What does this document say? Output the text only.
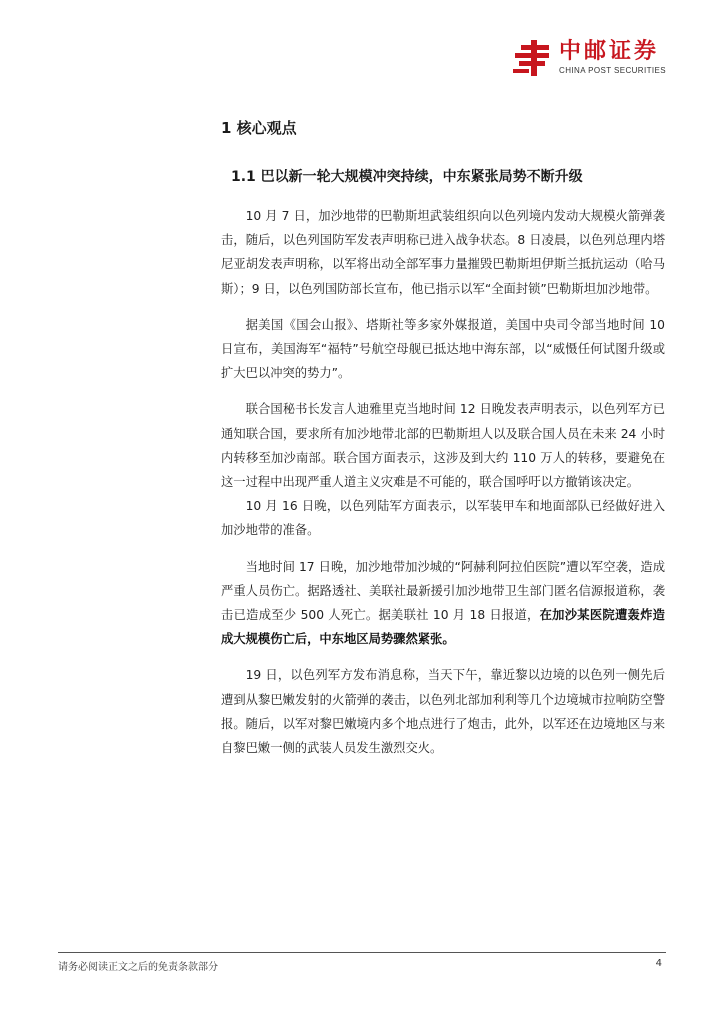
中邮证券
CHINA POST SECURITIES
1 核心观点
1.1 巴以新一轮大规模冲突持续，中东紧张局势不断升级

10 月 7 日，加沙地带的巴勒斯坦武装组织向以色列境内发动大规模火箭弹袭击，随后，以色列国防军发表声明称已进入战争状态。8 日凌晨，以色列总理内塔尼亚胡发表声明称，以军将出动全部军事力量摧毁巴勒斯坦伊斯兰抵抗运动（哈马斯）；9 日，以色列国防部长宣布，他已指示以军“全面封锁”巴勒斯坦加沙地带。

据美国《国会山报》、塔斯社等多家外媒报道，美国中央司令部当地时间 10 日宣布，美国海军“福特”号航空母舰已抵达地中海东部，以“威慑任何试图升级或扩大巴以冲突的势力”。

联合国秘书长发言人迪雅里克当地时间 12 日晚发表声明表示，以色列军方已通知联合国，要求所有加沙地带北部的巴勒斯坦人以及联合国人员在未来 24 小时内转移至加沙南部。联合国方面表示，这涉及到大约 110 万人的转移，要避免在这一过程中出现严重人道主义灾难是不可能的，联合国呼吁以方撤销该决定。

10 月 16 日晚，以色列陆军方面表示，以军装甲车和地面部队已经做好进入加沙地带的准备。

当地时间 17 日晚，加沙地带加沙城的“阿赫利阿拉伯医院”遭以军空袭，造成严重人员伤亡。据路透社、美联社最新援引加沙地带卫生部门匿名信源报道称，袭击已造成至少 500 人死亡。据美联社 10 月 18 日报道，在加沙某医院遭轰炸造成大规模伤亡后，中东地区局势骤然紧张。

19 日，以色列军方发布消息称，当天下午，靠近黎以边境的以色列一侧先后遭到从黎巴嫩发射的火箭弹的袭击，以色列北部加利利等几个边境城市拉响防空警报。随后，以军对黎巴嫩境内多个地点进行了炮击，此外，以军还在边境地区与来自黎巴嫩一侧的武装人员发生激烈交火。

请务必阅读正文之后的免责条款部分	4
